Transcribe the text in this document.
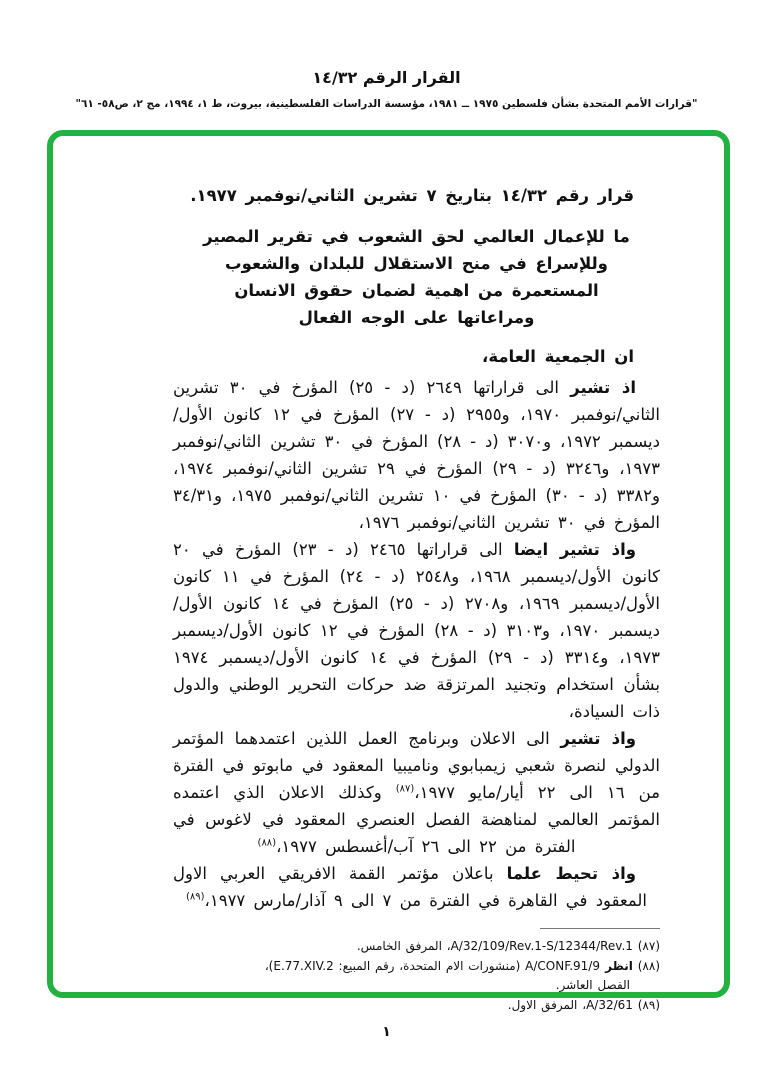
القرار الرقم ١٤/٣٢
"قرارات الأمم المتحدة بشأن فلسطين ١٩٧٥ ــ ١٩٨١، مؤسسة الدراسات الفلسطينية، بيروت، ط ١، ١٩٩٤، مج ٢، ص٥٨- ٦١"

قرار رقم ١٤/٣٢ بتاريخ ٧ تشرين الثاني/نوفمبر ١٩٧٧.

ما للإعمال العالمي لحق الشعوب في تقرير المصير
وللإسراع في منح الاستقلال للبلدان والشعوب
المستعمرة من اهمية لضمان حقوق الانسان
ومراعاتها على الوجه الفعال

ان الجمعية العامة،

اذ تشير الى قراراتها ٢٦٤٩ (د - ٢٥) المؤرخ في ٣٠ تشرين الثاني/نوفمبر ١٩٧٠، و٢٩٥٥ (د - ٢٧) المؤرخ في ١٢ كانون الأول/ديسمبر ١٩٧٢، و٣٠٧٠ (د - ٢٨) المؤرخ في ٣٠ تشرين الثاني/نوفمبر ١٩٧٣، و٣٢٤٦ (د - ٢٩) المؤرخ في ٢٩ تشرين الثاني/نوفمبر ١٩٧٤، و٣٣٨٢ (د - ٣٠) المؤرخ في ١٠ تشرين الثاني/نوفمبر ١٩٧٥، و٣٤/٣١ المؤرخ في ٣٠ تشرين الثاني/نوفمبر ١٩٧٦،

واذ تشير ايضا الى قراراتها ٢٤٦٥ (د - ٢٣) المؤرخ في ٢٠ كانون الأول/ديسمبر ١٩٦٨، و٢٥٤٨ (د - ٢٤) المؤرخ في ١١ كانون الأول/ديسمبر ١٩٦٩، و٢٧٠٨ (د - ٢٥) المؤرخ في ١٤ كانون الأول/ديسمبر ١٩٧٠، و٣١٠٣ (د - ٢٨) المؤرخ في ١٢ كانون الأول/ديسمبر ١٩٧٣، و٣٣١٤ (د - ٢٩) المؤرخ في ١٤ كانون الأول/ديسمبر ١٩٧٤ بشأن استخدام وتجنيد المرتزقة ضد حركات التحرير الوطني والدول ذات السيادة،

واذ تشير الى الاعلان وبرنامج العمل اللذين اعتمدهما المؤتمر الدولي لنصرة شعبي زيمبابوي وناميبيا المعقود في مابوتو في الفترة من ١٦ الى ٢٢ أيار/مايو ١٩٧٧،$^{(٨٧)}$ وكذلك الاعلان الذي اعتمده المؤتمر العالمي لمناهضة الفصل العنصري المعقود في لاغوس في الفترة من ٢٢ الى ٢٦ آب/أغسطس ١٩٧٧،$^{(٨٨)}$

واذ تحيط علما باعلان مؤتمر القمة الافريقي العربي الاول المعقود في القاهرة في الفترة من ٧ الى ٩ آذار/مارس ١٩٧٧،$^{(٨٩)}$

(٨٧) A/32/109/Rev.1-S/12344/Rev.1، المرفق الخامس.

(٨٨) انظر A/CONF.91/9 (منشورات الام المتحدة، رقم المبيع: E.77.XIV.2)، الفصل العاشر.

(٨٩) A/32/61، المرفق الاول.

١
